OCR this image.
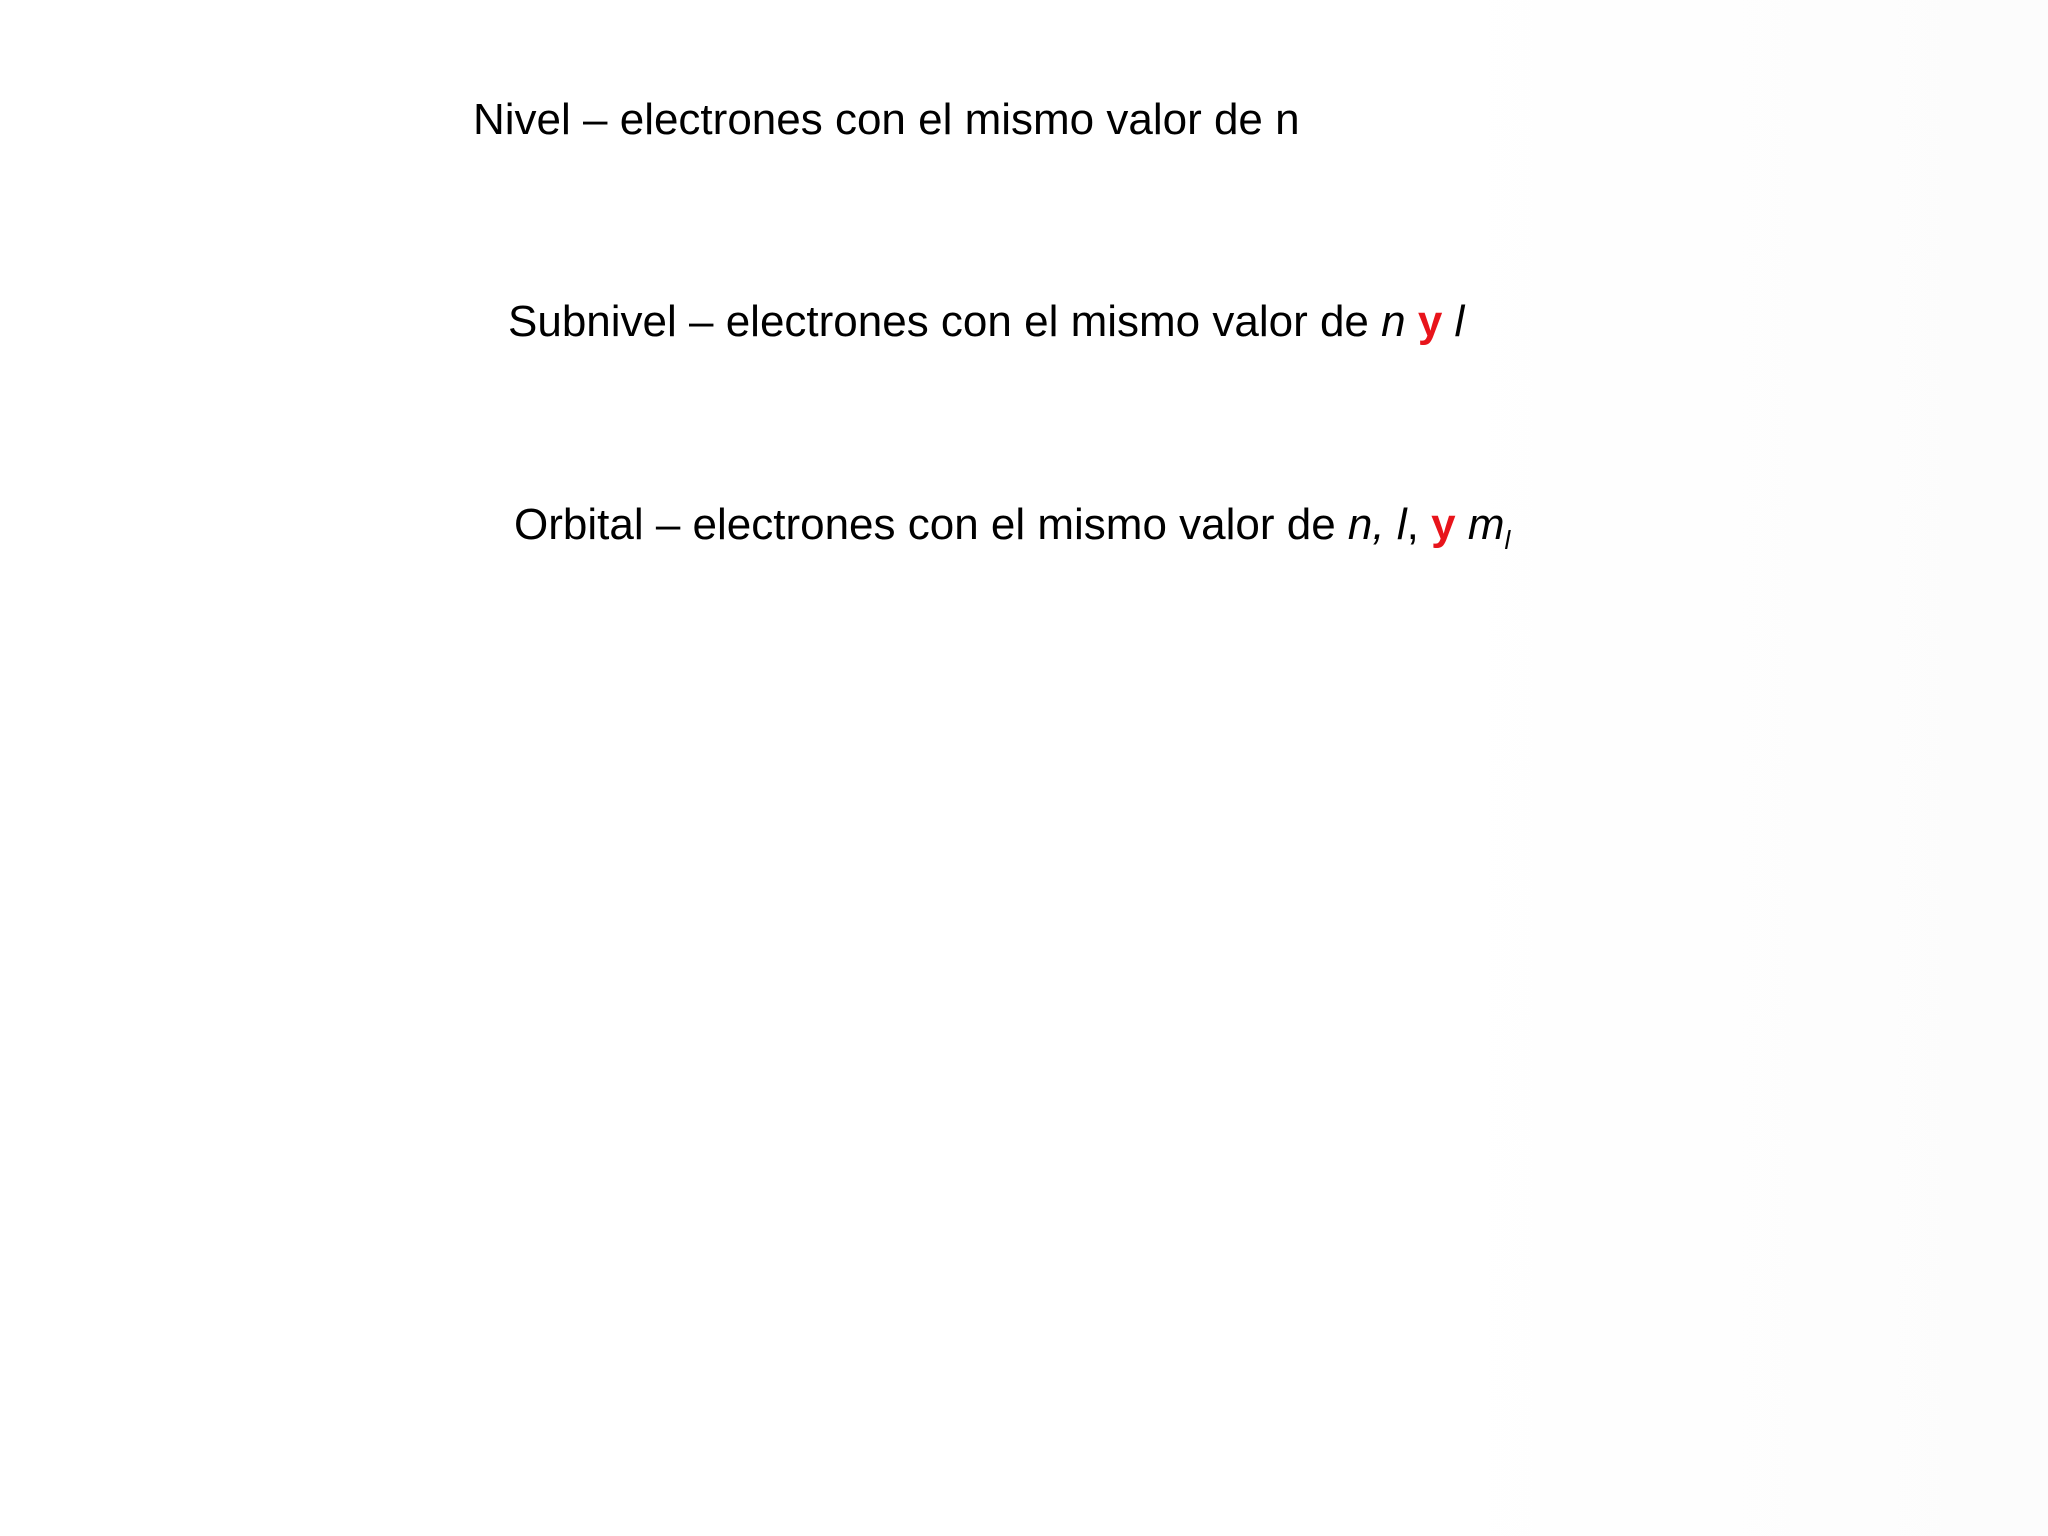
Nivel – electrones con el mismo valor de n
Subnivel – electrones con el mismo valor de n y l
Orbital – electrones con el mismo valor de n, l, y $m_l$
